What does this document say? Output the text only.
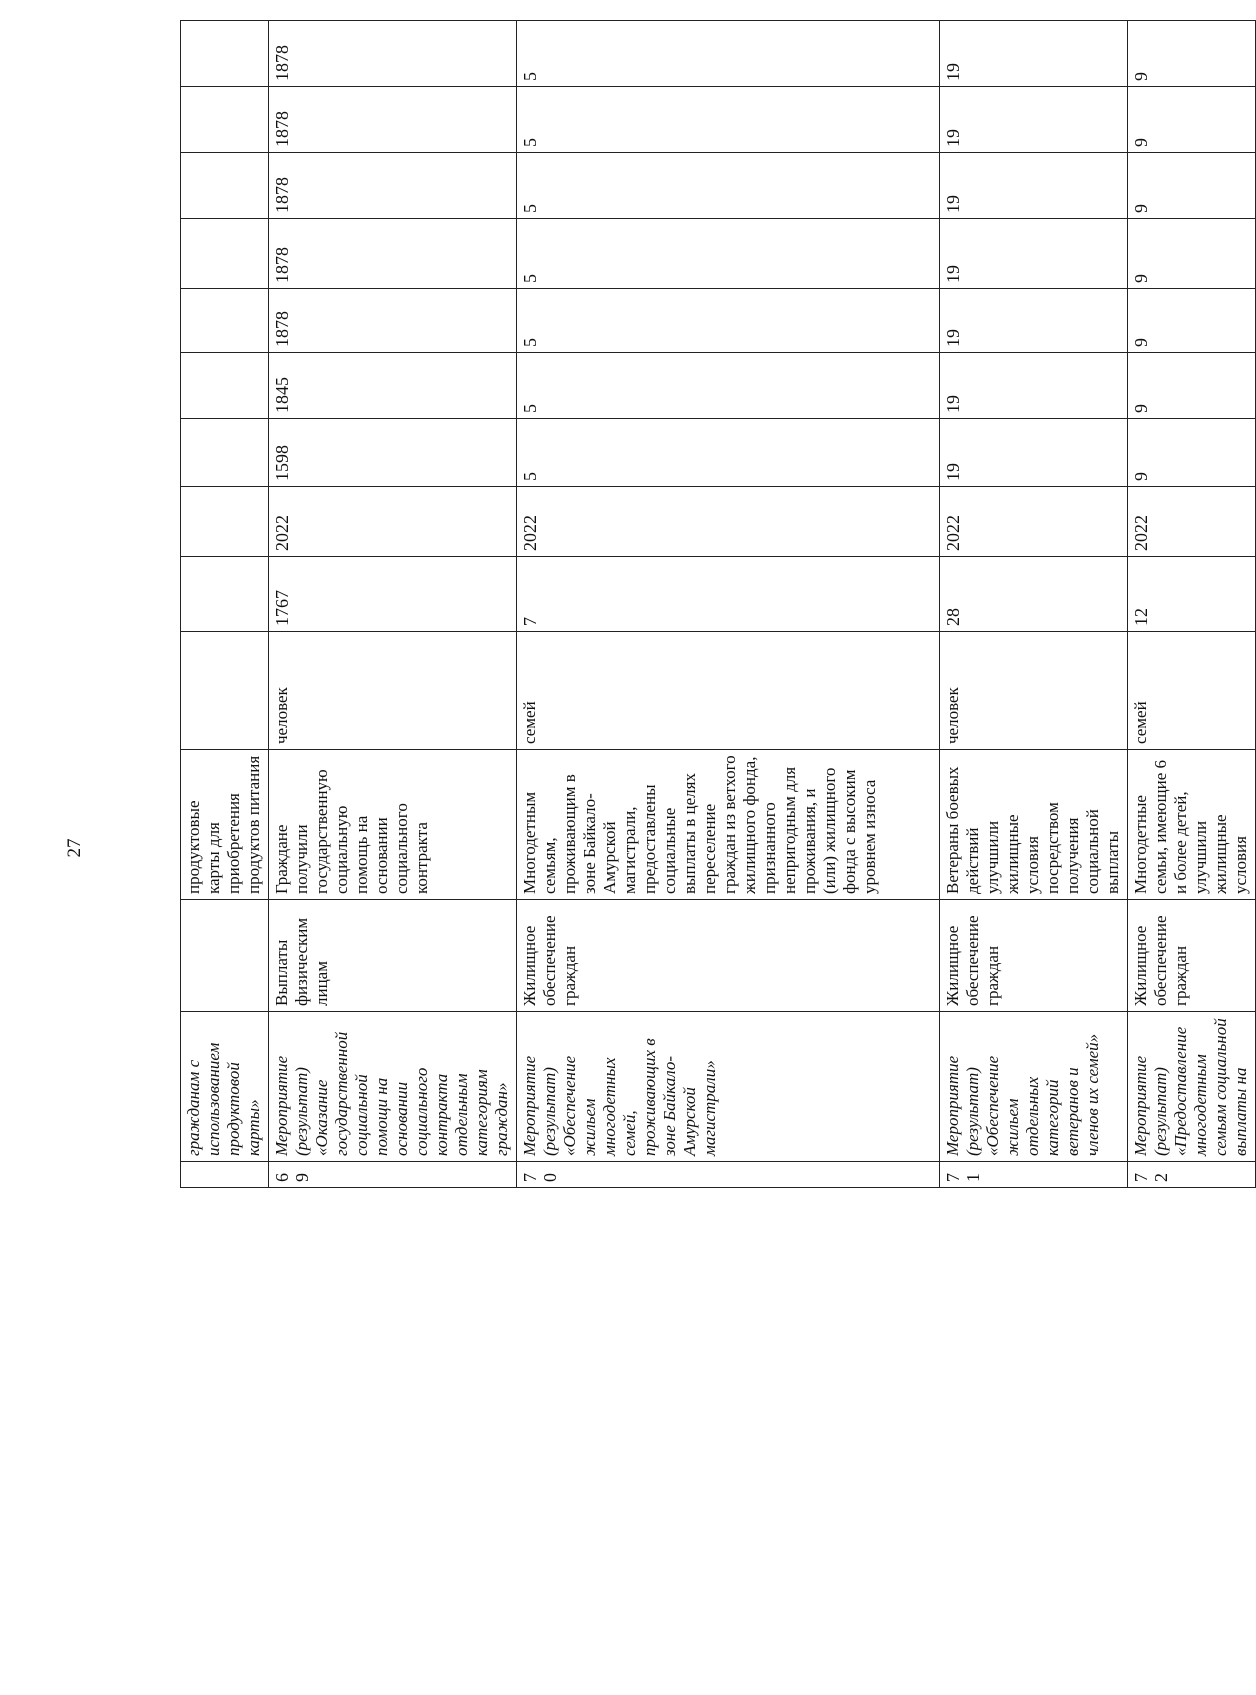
27
	гражданам с использованием продуктовой карты»		продуктовые карты для приобретения продуктов питания										
69	Мероприятие (результат) «Оказание государственной социальной помощи на основании социального контракта отдельным категориям граждан»	Выплаты физическим лицам	Граждане получили государственную социальную помощь на основании социального контракта	человек	1767	2022	1598	1845	1878	1878	1878	1878	1878
70	Мероприятие (результат) «Обеспечение жильем многодетных семей, проживающих в зоне Байкало-Амурской магистрали»	Жилищное обеспечение граждан	Многодетным семьям, проживающим в зоне Байкало-Амурской магистрали, предоставлены социальные выплаты в целях переселение граждан из ветхого жилищного фонда, признанного непригодным для проживания, и (или) жилищного фонда с высоким уровнем износа	семей	7	2022	5	5	5	5	5	5	5
71	Мероприятие (результат) «Обеспечение жильем отдельных категорий ветеранов и членов их семей»	Жилищное обеспечение граждан	Ветераны боевых действий улучшили жилищные условия посредством получения социальной выплаты	человек	28	2022	19	19	19	19	19	19	19
72	Мероприятие (результат) «Предоставление многодетным семьям социальной выплаты на	Жилищное обеспечение граждан	Многодетные семьи, имеющие 6 и более детей, улучшили жилищные условия	семей	12	2022	9	9	9	9	9	9	9
